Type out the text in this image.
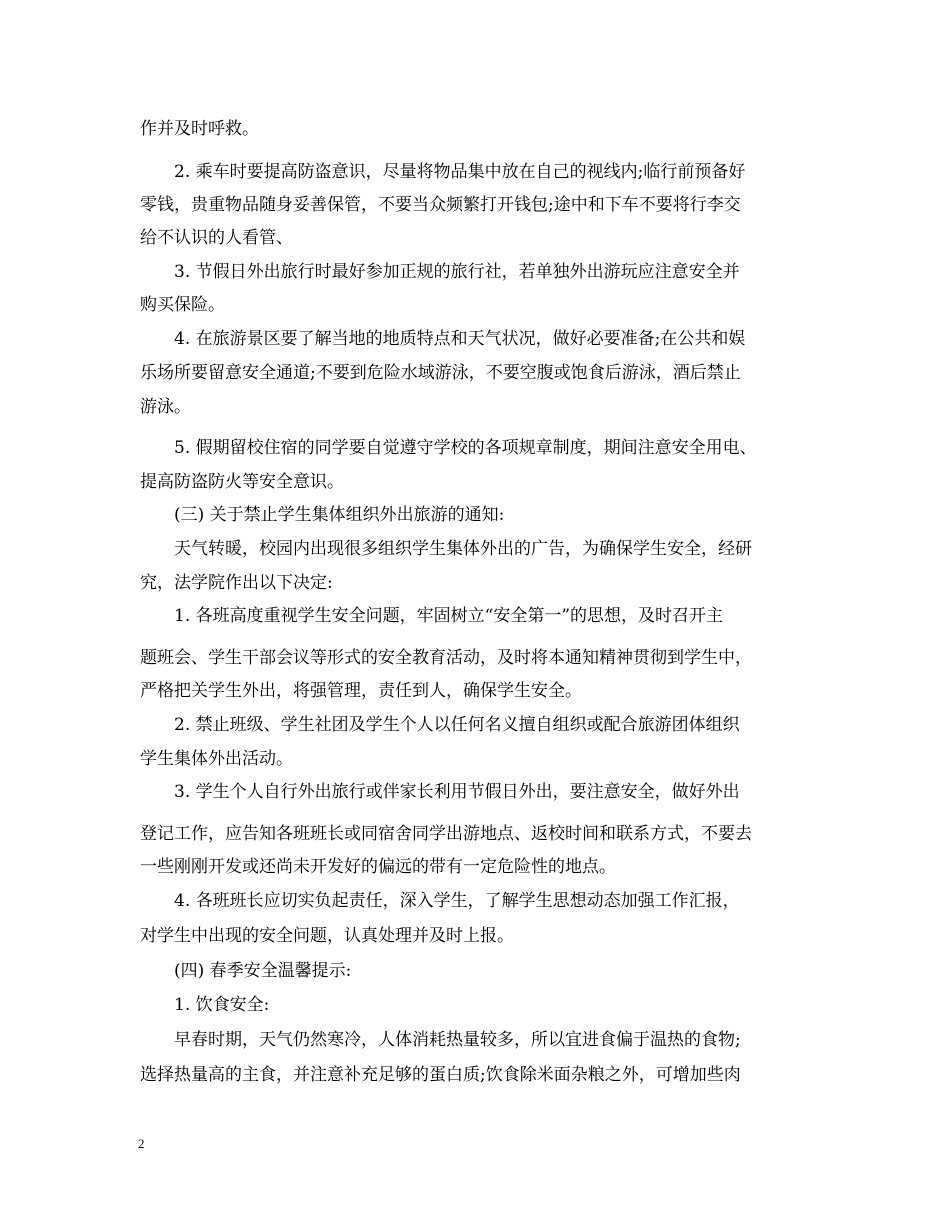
作并及时呼救。
2. 乘车时要提高防盗意识，尽量将物品集中放在自己的视线内;临行前预备好
零钱，贵重物品随身妥善保管，不要当众频繁打开钱包;途中和下车不要将行李交
给不认识的人看管、
3. 节假日外出旅行时最好参加正规的旅行社，若单独外出游玩应注意安全并
购买保险。
4. 在旅游景区要了解当地的地质特点和天气状况，做好必要准备;在公共和娱
乐场所要留意安全通道;不要到危险水域游泳，不要空腹或饱食后游泳，酒后禁止
游泳。
5. 假期留校住宿的同学要自觉遵守学校的各项规章制度，期间注意安全用电、
提高防盗防火等安全意识。
(三) 关于禁止学生集体组织外出旅游的通知:
天气转暖，校园内出现很多组织学生集体外出的广告，为确保学生安全，经研
究，法学院作出以下决定:
1. 各班高度重视学生安全问题，牢固树立“安全第一”的思想，及时召开主
题班会、学生干部会议等形式的安全教育活动，及时将本通知精神贯彻到学生中，
严格把关学生外出，将强管理，责任到人，确保学生安全。
2. 禁止班级、学生社团及学生个人以任何名义擅自组织或配合旅游团体组织
学生集体外出活动。
3. 学生个人自行外出旅行或伴家长利用节假日外出，要注意安全，做好外出
登记工作，应告知各班班长或同宿舍同学出游地点、返校时间和联系方式，不要去
一些刚刚开发或还尚未开发好的偏远的带有一定危险性的地点。
4. 各班班长应切实负起责任，深入学生，了解学生思想动态加强工作汇报，
对学生中出现的安全问题，认真处理并及时上报。
(四) 春季安全温馨提示:
1. 饮食安全:
早春时期，天气仍然寒冷，人体消耗热量较多，所以宜进食偏于温热的食物;
选择热量高的主食，并注意补充足够的蛋白质;饮食除米面杂粮之外，可增加些肉
2
